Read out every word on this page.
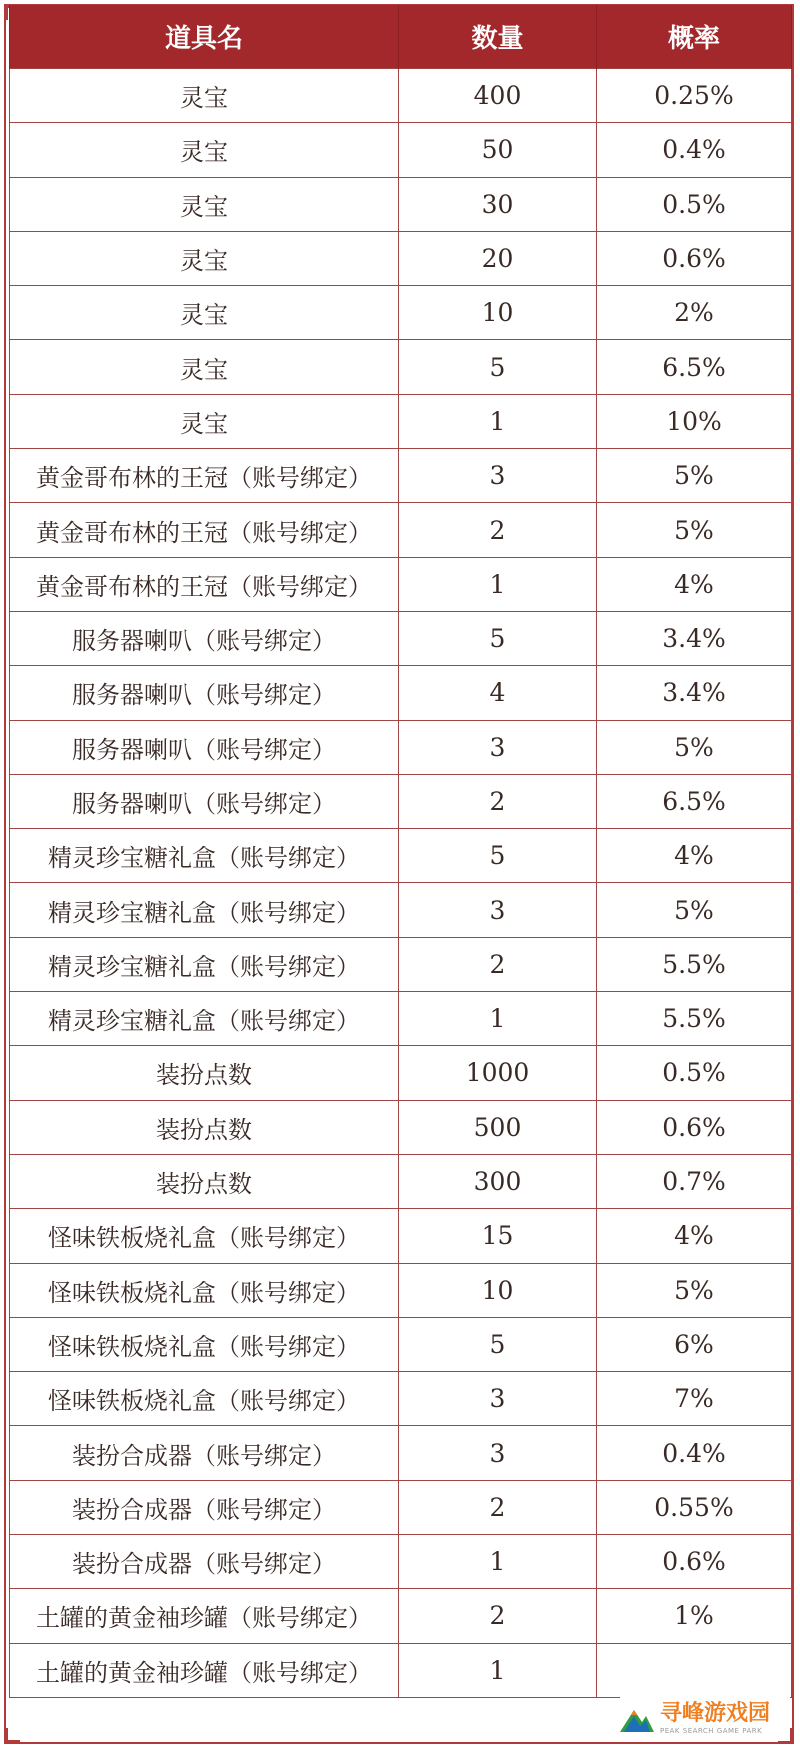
道具名	数量	概率
灵宝	400	0.25%
灵宝	50	0.4%
灵宝	30	0.5%
灵宝	20	0.6%
灵宝	10	2%
灵宝	5	6.5%
灵宝	1	10%
黄金哥布林的王冠（账号绑定）	3	5%
黄金哥布林的王冠（账号绑定）	2	5%
黄金哥布林的王冠（账号绑定）	1	4%
服务器喇叭（账号绑定）	5	3.4%
服务器喇叭（账号绑定）	4	3.4%
服务器喇叭（账号绑定）	3	5%
服务器喇叭（账号绑定）	2	6.5%
精灵珍宝糖礼盒（账号绑定）	5	4%
精灵珍宝糖礼盒（账号绑定）	3	5%
精灵珍宝糖礼盒（账号绑定）	2	5.5%
精灵珍宝糖礼盒（账号绑定）	1	5.5%
装扮点数	1000	0.5%
装扮点数	500	0.6%
装扮点数	300	0.7%
怪味铁板烧礼盒（账号绑定）	15	4%
怪味铁板烧礼盒（账号绑定）	10	5%
怪味铁板烧礼盒（账号绑定）	5	6%
怪味铁板烧礼盒（账号绑定）	3	7%
装扮合成器（账号绑定）	3	0.4%
装扮合成器（账号绑定）	2	0.55%
装扮合成器（账号绑定）	1	0.6%
土罐的黄金袖珍罐（账号绑定）	2	1%
土罐的黄金袖珍罐（账号绑定）	1	
寻峰游戏园
PEAK SEARCH GAME PARK
